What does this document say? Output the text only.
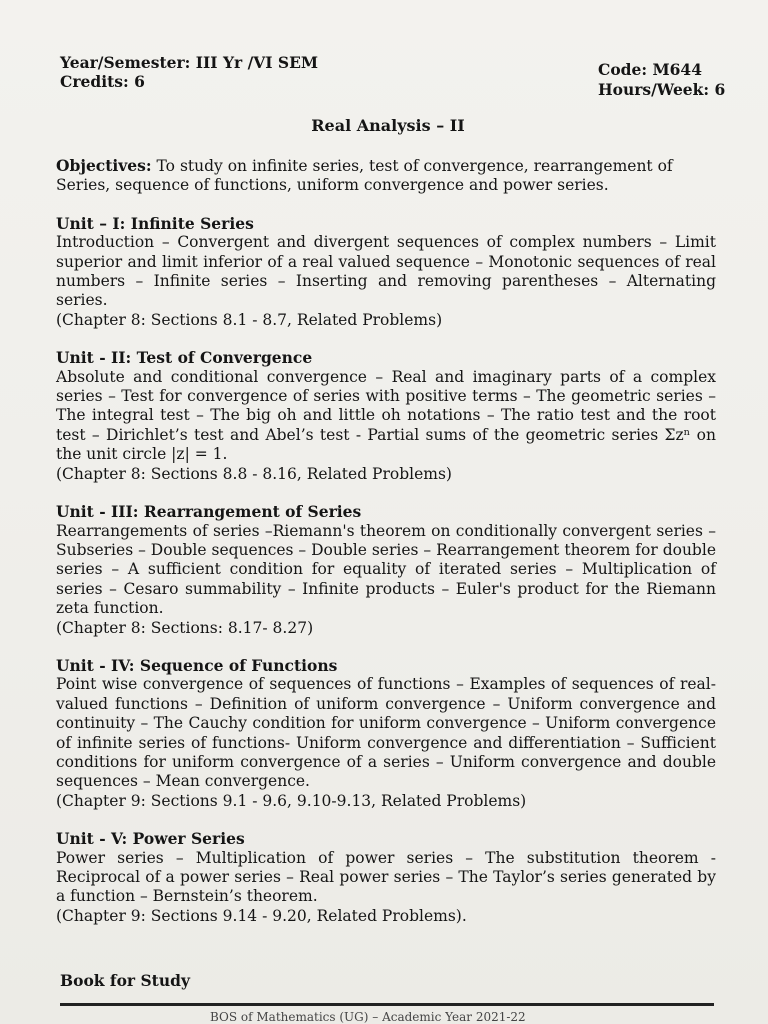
Year/Semester: III Yr /VI SEM
Credits: 6
Code: M644
Hours/Week: 6
Real Analysis – II

Objectives: To study on infinite series, test of convergence, rearrangement of Series, sequence of functions, uniform convergence and power series.

Unit – I: Infinite Series

Introduction – Convergent and divergent sequences of complex numbers – Limit superior and limit inferior of a real valued sequence – Monotonic sequences of real numbers – Infinite series – Inserting and removing parentheses – Alternating series.

(Chapter 8: Sections 8.1 - 8.7, Related Problems)

Unit - II: Test of Convergence

Absolute and conditional convergence – Real and imaginary parts of a complex series – Test for convergence of series with positive terms – The geometric series – The integral test – The big oh and little oh notations – The ratio test and the root test – Dirichlet’s test and Abel’s test - Partial sums of the geometric series Σzⁿ on the unit circle |z| = 1.

(Chapter 8: Sections 8.8 - 8.16, Related Problems)

Unit - III: Rearrangement of Series

Rearrangements of series –Riemann's theorem on conditionally convergent series – Subseries – Double sequences – Double series – Rearrangement theorem for double series – A sufficient condition for equality of iterated series – Multiplication of series – Cesaro summability – Infinite products – Euler's product for the Riemann zeta function.

(Chapter 8: Sections: 8.17- 8.27)

Unit - IV: Sequence of Functions

Point wise convergence of sequences of functions – Examples of sequences of real-valued functions – Definition of uniform convergence – Uniform convergence and continuity – The Cauchy condition for uniform convergence – Uniform convergence of infinite series of functions- Uniform convergence and differentiation – Sufficient conditions for uniform convergence of a series – Uniform convergence and double sequences – Mean convergence.

(Chapter 9: Sections 9.1 - 9.6, 9.10-9.13, Related Problems)

Unit - V: Power Series

Power series – Multiplication of power series – The substitution theorem - Reciprocal of a power series – Real power series – The Taylor’s series generated by a function – Bernstein’s theorem.

(Chapter 9: Sections 9.14 - 9.20, Related Problems).

Book for Study
BOS of Mathematics (UG) – Academic Year 2021-22
